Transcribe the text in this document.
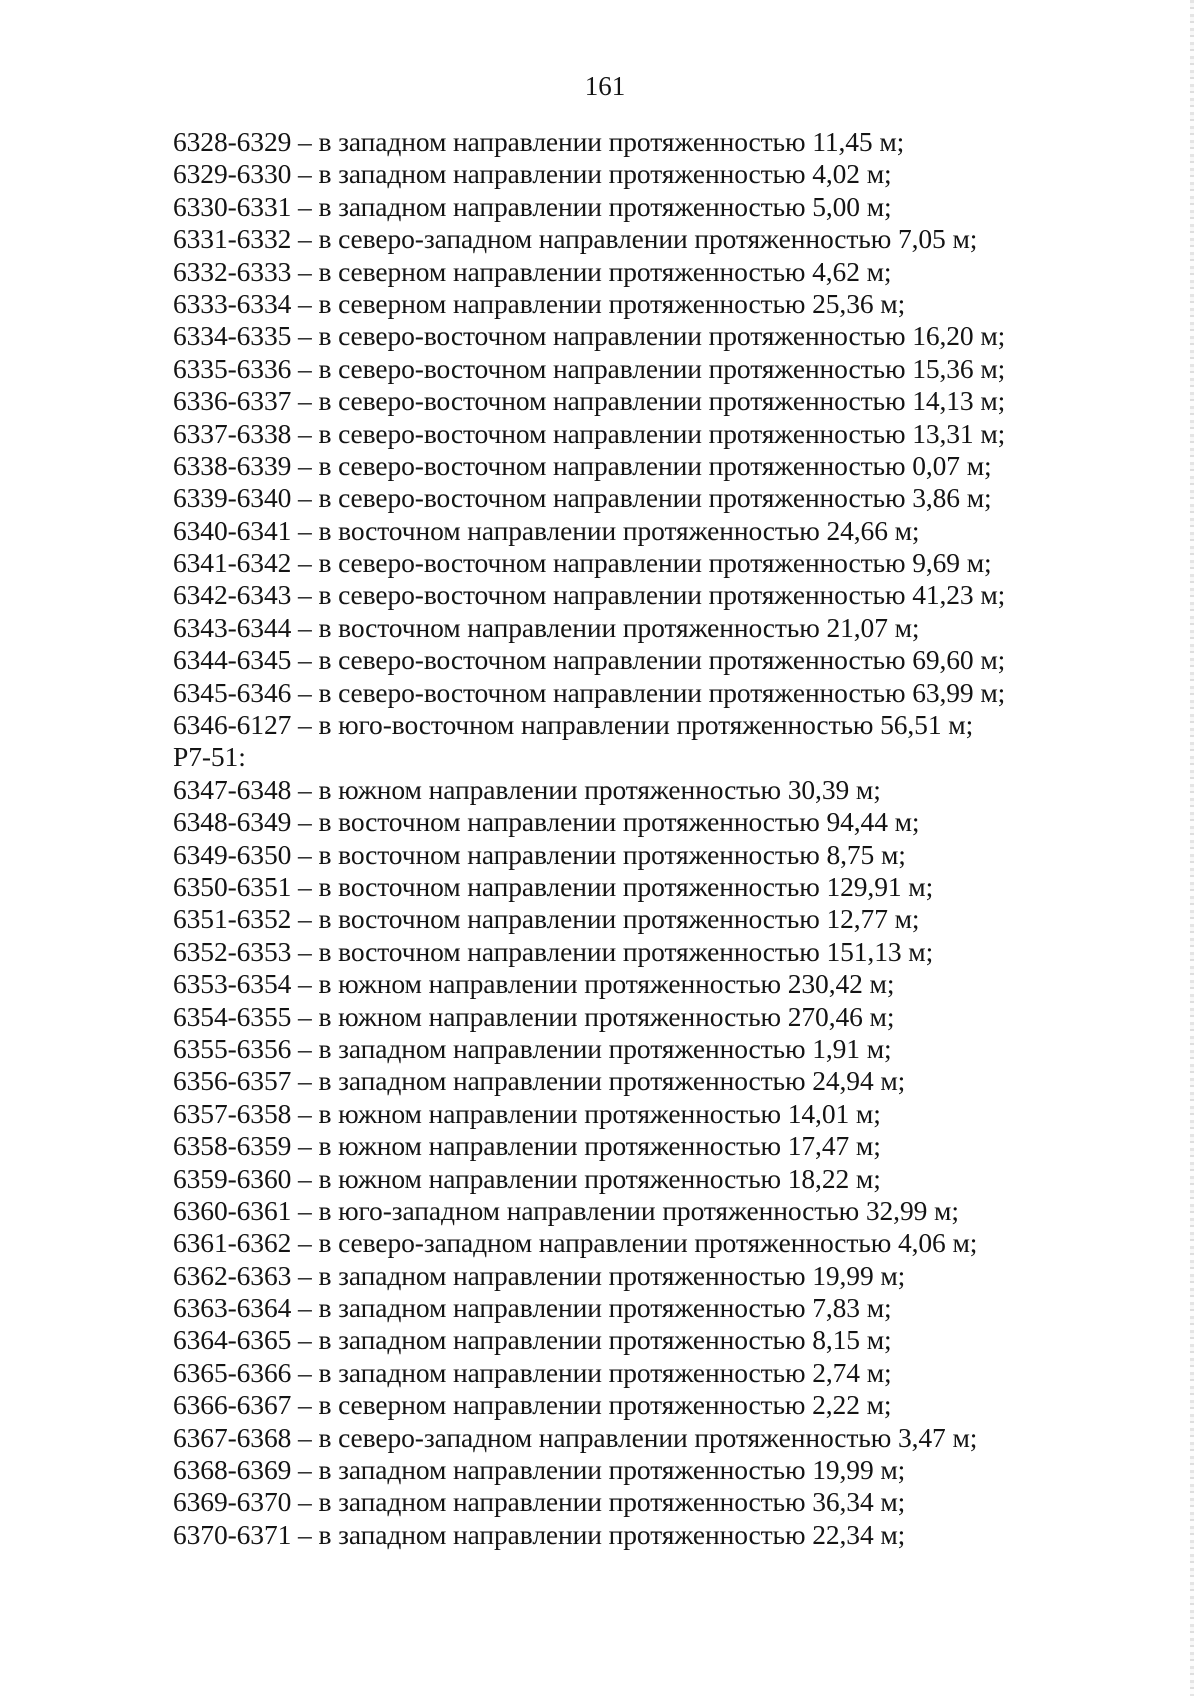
161
6328-6329 – в западном направлении протяженностью 11,45 м;
6329-6330 – в западном направлении протяженностью 4,02 м;
6330-6331 – в западном направлении протяженностью 5,00 м;
6331-6332 – в северо-западном направлении протяженностью 7,05 м;
6332-6333 – в северном направлении протяженностью 4,62 м;
6333-6334 – в северном направлении протяженностью 25,36 м;
6334-6335 – в северо-восточном направлении протяженностью 16,20 м;
6335-6336 – в северо-восточном направлении протяженностью 15,36 м;
6336-6337 – в северо-восточном направлении протяженностью 14,13 м;
6337-6338 – в северо-восточном направлении протяженностью 13,31 м;
6338-6339 – в северо-восточном направлении протяженностью 0,07 м;
6339-6340 – в северо-восточном направлении протяженностью 3,86 м;
6340-6341 – в восточном направлении протяженностью 24,66 м;
6341-6342 – в северо-восточном направлении протяженностью 9,69 м;
6342-6343 – в северо-восточном направлении протяженностью 41,23 м;
6343-6344 – в восточном направлении протяженностью 21,07 м;
6344-6345 – в северо-восточном направлении протяженностью 69,60 м;
6345-6346 – в северо-восточном направлении протяженностью 63,99 м;
6346-6127 – в юго-восточном направлении протяженностью 56,51 м;
Р7-51:
6347-6348 – в южном направлении протяженностью 30,39 м;
6348-6349 – в восточном направлении протяженностью 94,44 м;
6349-6350 – в восточном направлении протяженностью 8,75 м;
6350-6351 – в восточном направлении протяженностью 129,91 м;
6351-6352 – в восточном направлении протяженностью 12,77 м;
6352-6353 – в восточном направлении протяженностью 151,13 м;
6353-6354 – в южном направлении протяженностью 230,42 м;
6354-6355 – в южном направлении протяженностью 270,46 м;
6355-6356 – в западном направлении протяженностью 1,91 м;
6356-6357 – в западном направлении протяженностью 24,94 м;
6357-6358 – в южном направлении протяженностью 14,01 м;
6358-6359 – в южном направлении протяженностью 17,47 м;
6359-6360 – в южном направлении протяженностью 18,22 м;
6360-6361 – в юго-западном направлении протяженностью 32,99 м;
6361-6362 – в северо-западном направлении протяженностью 4,06 м;
6362-6363 – в западном направлении протяженностью 19,99 м;
6363-6364 – в западном направлении протяженностью 7,83 м;
6364-6365 – в западном направлении протяженностью 8,15 м;
6365-6366 – в западном направлении протяженностью 2,74 м;
6366-6367 – в северном направлении протяженностью 2,22 м;
6367-6368 – в северо-западном направлении протяженностью 3,47 м;
6368-6369 – в западном направлении протяженностью 19,99 м;
6369-6370 – в западном направлении протяженностью 36,34 м;
6370-6371 – в западном направлении протяженностью 22,34 м;
